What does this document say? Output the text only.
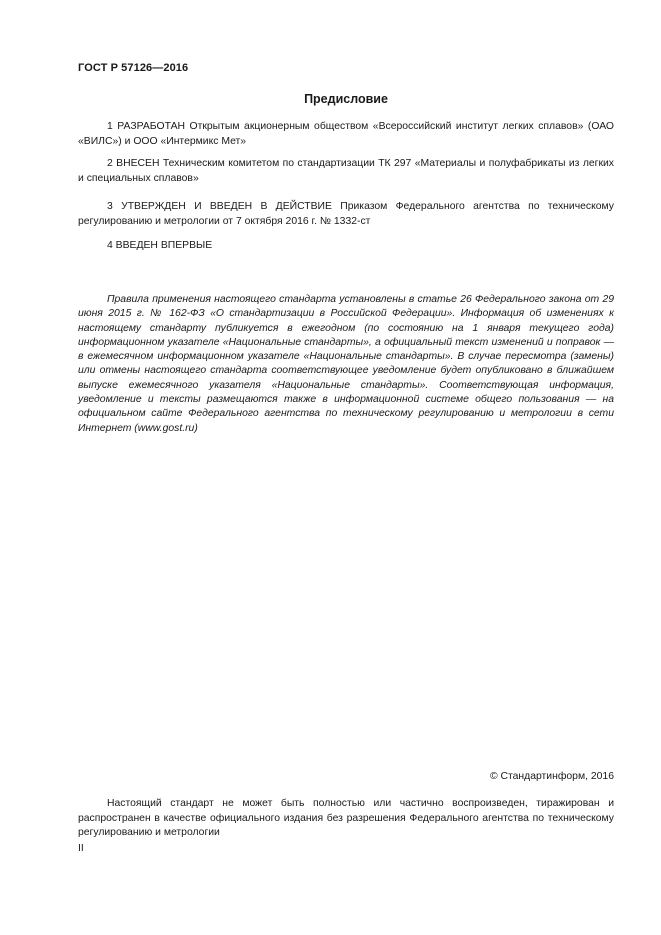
ГОСТ Р 57126—2016
Предисловие

1 РАЗРАБОТАН Открытым акционерным обществом «Всероссийский институт легких сплавов» (ОАО «ВИЛС») и ООО «Интермикс Мет»

2 ВНЕСЕН Техническим комитетом по стандартизации ТК 297 «Материалы и полуфабрикаты из легких и специальных сплавов»

3 УТВЕРЖДЕН И ВВЕДЕН В ДЕЙСТВИЕ Приказом Федерального агентства по техническому регулированию и метрологии от 7 октября 2016 г. № 1332-ст

4 ВВЕДЕН ВПЕРВЫЕ

Правила применения настоящего стандарта установлены в статье 26 Федерального закона от 29 июня 2015 г. № 162-ФЗ «О стандартизации в Российской Федерации». Информация об изменениях к настоящему стандарту публикуется в ежегодном (по состоянию на 1 января текущего года) информационном указателе «Национальные стандарты», а официальный текст изменений и поправок — в ежемесячном информационном указателе «Национальные стандарты». В случае пересмотра (замены) или отмены настоящего стандарта соответствующее уведомление будет опубликовано в ближайшем выпуске ежемесячного указателя «Национальные стандарты». Соответствующая информация, уведомление и тексты размещаются также в информационной системе общего пользования — на официальном сайте Федерального агентства по техническому регулированию и метрологии в сети Интернет (www.gost.ru)

© Стандартинформ, 2016

Настоящий стандарт не может быть полностью или частично воспроизведен, тиражирован и распространен в качестве официального издания без разрешения Федерального агентства по техническому регулированию и метрологии

II
